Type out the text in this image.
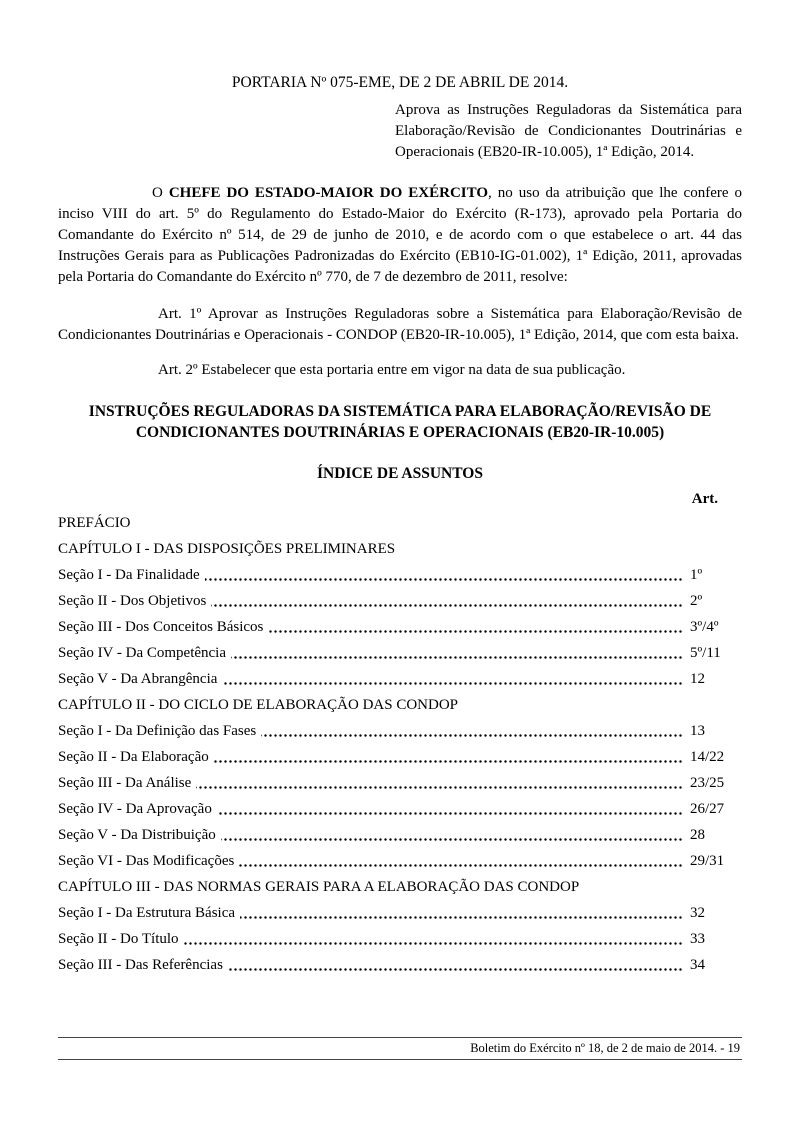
PORTARIA Nº 075-EME, DE 2 DE ABRIL DE 2014.
Aprova as Instruções Reguladoras da Sistemática para Elaboração/Revisão de Condicionantes Doutrinárias e Operacionais (EB20-IR-10.005), 1ª Edição, 2014.

O CHEFE DO ESTADO-MAIOR DO EXÉRCITO, no uso da atribuição que lhe confere o inciso VIII do art. 5º do Regulamento do Estado-Maior do Exército (R-173), aprovado pela Portaria do Comandante do Exército nº 514, de 29 de junho de 2010, e de acordo com o que estabelece o art. 44 das Instruções Gerais para as Publicações Padronizadas do Exército (EB10-IG-01.002), 1ª Edição, 2011, aprovadas pela Portaria do Comandante do Exército nº 770, de 7 de dezembro de 2011, resolve:

Art. 1º Aprovar as Instruções Reguladoras sobre a Sistemática para Elaboração/Revisão de Condicionantes Doutrinárias e Operacionais - CONDOP (EB20-IR-10.005), 1ª Edição, 2014, que com esta baixa.

Art. 2º Estabelecer que esta portaria entre em vigor na data de sua publicação.

INSTRUÇÕES REGULADORAS DA SISTEMÁTICA PARA ELABORAÇÃO/REVISÃO DE CONDICIONANTES DOUTRINÁRIAS E OPERACIONAIS (EB20-IR-10.005)
ÍNDICE DE ASSUNTOS
Art.
PREFÁCIO
CAPÍTULO I - DAS DISPOSIÇÕES PRELIMINARES
Seção I - Da Finalidade	1º
Seção II - Dos Objetivos	2º
Seção III - Dos Conceitos Básicos	3º/4º
Seção IV - Da Competência	5º/11
Seção V - Da Abrangência	12
CAPÍTULO II - DO CICLO DE ELABORAÇÃO DAS CONDOP
Seção I - Da Definição das Fases	13
Seção II - Da Elaboração	14/22
Seção III - Da Análise	23/25
Seção IV - Da Aprovação	26/27
Seção V - Da Distribuição	28
Seção VI - Das Modificações	29/31
CAPÍTULO III - DAS NORMAS GERAIS PARA A ELABORAÇÃO DAS CONDOP
Seção I - Da Estrutura Básica	32
Seção II - Do Título	33
Seção III - Das Referências	34
Boletim do Exército nº 18, de 2 de maio de 2014. - 19
